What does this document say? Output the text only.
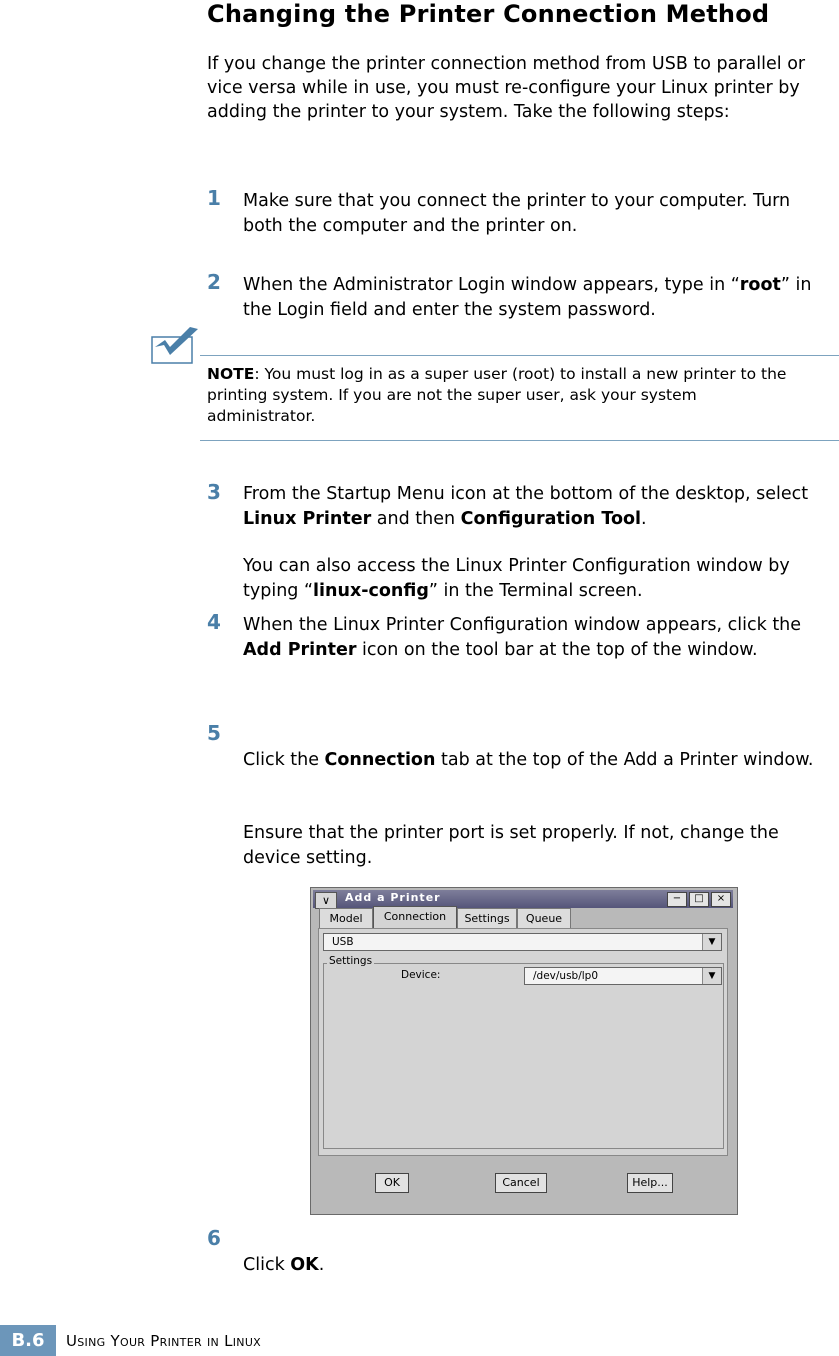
Changing the Printer Connection Method
If you change the printer connection method from USB to parallel or vice versa while in use, you must re-configure your Linux printer by adding the printer to your system. Take the following steps:
1 Make sure that you connect the printer to your computer. Turn both the computer and the printer on.
2 When the Administrator Login window appears, type in “root” in the Login field and enter the system password.
NOTE: You must log in as a super user (root) to install a new printer to the printing system. If you are not the super user, ask your system administrator.
3 From the Startup Menu icon at the bottom of the desktop, select Linux Printer and then Configuration Tool.
You can also access the Linux Printer Configuration window by typing “linux-config” in the Terminal screen.
4 When the Linux Printer Configuration window appears, click the Add Printer icon on the tool bar at the top of the window.
5
Click the Connection tab at the top of the Add a Printer window.
Ensure that the printer port is set properly. If not, change the device setting.
∨	Add a Printer	−	□	×
Model	Connection	Settings	Queue
USB	▼
Settings
Device:	/dev/usb/lp0	▼
OK	Cancel	Help...
6
Click OK.
B.6	Using Your Printer in Linux
